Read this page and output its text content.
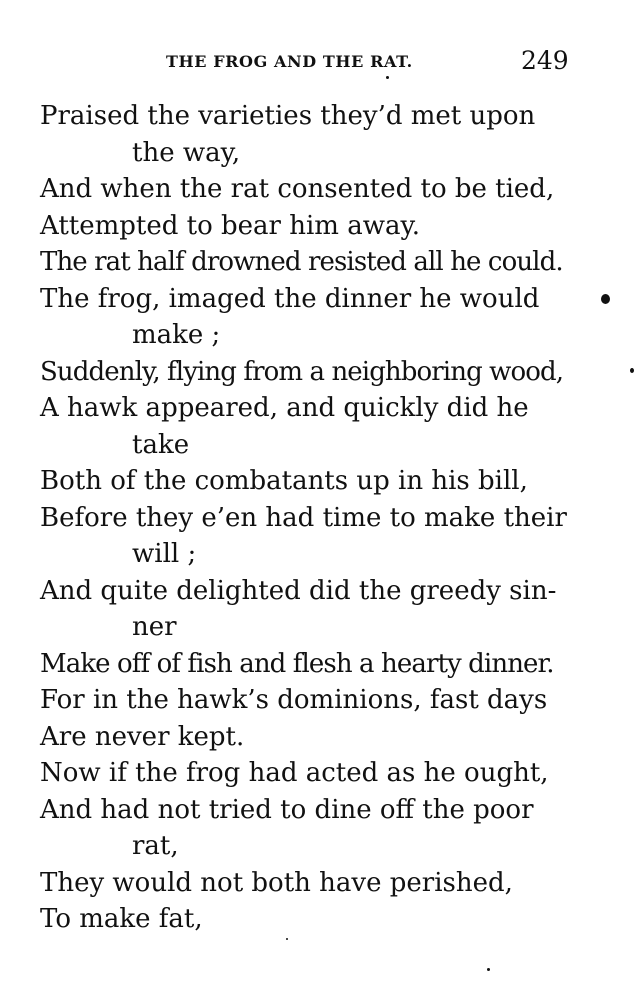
THE FROG AND THE RAT.	249
Praised the varieties they’d met upon
the way,
And when the rat consented to be tied,
Attempted to bear him away.
The rat half drowned resisted all he could.
The frog, imaged the dinner he would
make ;
Suddenly, flying from a neighboring wood,
A hawk appeared, and quickly did he
take
Both of the combatants up in his bill,
Before they e’en had time to make their
will ;
And quite delighted did the greedy sin-
ner
Make off of fish and flesh a hearty dinner.
For in the hawk’s dominions, fast days
Are never kept.
Now if the frog had acted as he ought,
And had not tried to dine off the poor
rat,
They would not both have perished,
To make fat,
